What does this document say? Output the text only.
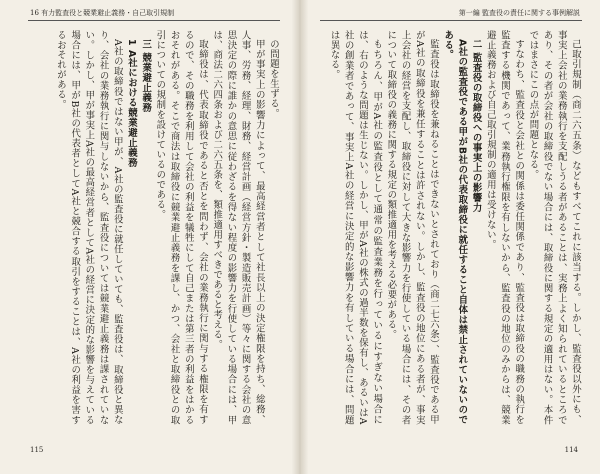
16 有力監査役と競業避止義務・自己取引規制

の問題を生ずる。

甲が事実上の影響力によって、最高経営者として社長以上の決定権限を持ち、総務、人事、労務、経理、財務、経営計画（経営方針・製造販売計画）等々に関する会社の意思決定の際に誰かの意思に従わざるを得ない程度の影響力を行使している場合には、甲は、商法二六四条および二六五条を、類推適用すべきであると考える。

取締役は、代表取締役であると否とを問わず、会社の業務執行に関与する権限を有するので、その職務を利用して会社の利益を犠牲にして自己または第三者の利益をはかるおそれがある。そこで商法は取締役に競業避止義務を課し、かつ、会社と取締役との取引についての規制を設けているのである。

三 競業避止義務

1 A社における競業避止義務

A社の取締役ではない甲が、A社の監査役に就任していても、監査役は、取締役と異なり、会社の業務執行に関与しないから、監査役については競業避止義務は課されていない。しかし、甲が事実上A社の最高経営者としてA社の経営に決定的な影響を与えている場合には、甲がB社の代表者としてA社と競合する取引をすることは、A社の利益を害するおそれがある。

115
第一編 監査役の責任に関する事例解説

己取引規制（商二六五条）などもすべてこれに該当する。しかし、監査役以外にも、事実上会社の業務執行を支配しうる者があることは、実務上よく知られているところであり、その者が会社の取締役でない場合には、取締役に関する規定の適用はない。本件ではまさにこの点が問題となる。

すなわち、監査役と会社との関係は委任関係であり、監査役は取締役の職務の執行を監査する機関であって、業務執行権限を有しないから、監査役の地位のみからは、競業避止義務および自己取引規制の適用は受けない。

二 監査役の取締役への事実上の影響力

A社の監査役である甲がB社の代表取締役に就任すること自体は禁止されていないのである。

監査役は取締役を兼ねることはできないとされており（商二七六条）、監査役である甲がA社の取締役を兼任することは許されない。しかし、監査役の地位にある者が、事実上会社の経営を支配し、取締役に対して大きな影響力を行使している場合には、その者について取締役の義務に関する規定の類推適用を考える必要がある。

もちろん、甲がA社の監査役として通常の監査業務を行っているにすぎない場合には、右のような問題は生じない。しかし、甲がA社の株式の過半数を保有し、あるいはA社の創業者であって、事実上A社の経営に決定的な影響力を有している場合には、問題は異なる。

114
